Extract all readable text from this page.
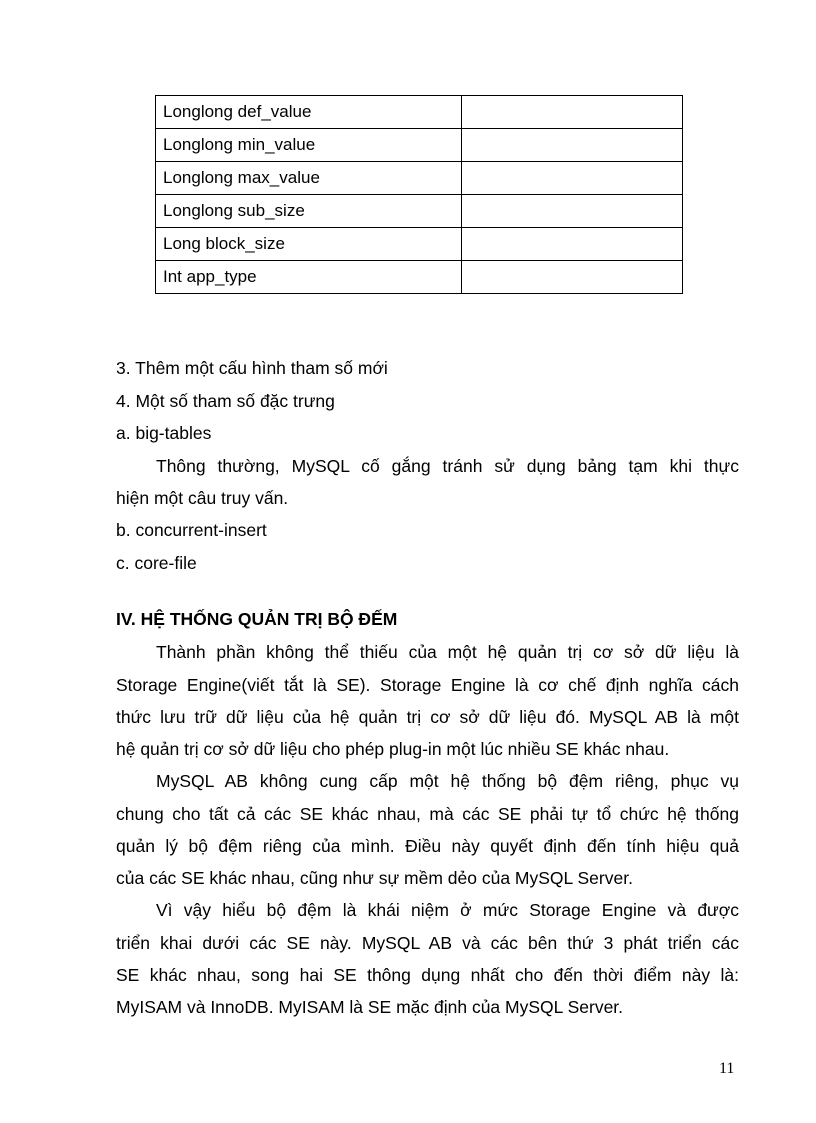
Longlong def_value	
Longlong min_value	
Longlong max_value	
Longlong sub_size	
Long block_size	
Int app_type	
3. Thêm một cấu hình tham số mới
4. Một số tham số đặc trưng
a. big-tables
Thông thường, MySQL cố gắng tránh sử dụng bảng tạm khi thực
hiện một câu truy vấn.
b. concurrent-insert
c. core-file
IV. HỆ THỐNG QUẢN TRỊ BỘ ĐẾM
Thành phần không thể thiếu của một hệ quản trị cơ sở dữ liệu là
Storage Engine(viết tắt là SE). Storage Engine là cơ chế định nghĩa cách
thức lưu trữ dữ liệu của hệ quản trị cơ sở dữ liệu đó. MySQL AB là một
hệ quản trị cơ sở dữ liệu cho phép plug-in một lúc nhiều SE khác nhau.
MySQL AB không cung cấp một hệ thống bộ đệm riêng, phục vụ
chung cho tất cả các SE khác nhau, mà các SE phải tự tổ chức hệ thống
quản lý bộ đệm riêng của mình. Điều này quyết định đến tính hiệu quả
của các SE khác nhau, cũng như sự mềm dẻo của MySQL Server.
Vì vậy hiểu bộ đệm là khái niệm ở mức Storage Engine và được
triển khai dưới các SE này. MySQL AB và các bên thứ 3 phát triển các
SE khác nhau, song hai SE thông dụng nhất cho đến thời điểm này là:
MyISAM và InnoDB. MyISAM là SE mặc định của MySQL Server.
11
